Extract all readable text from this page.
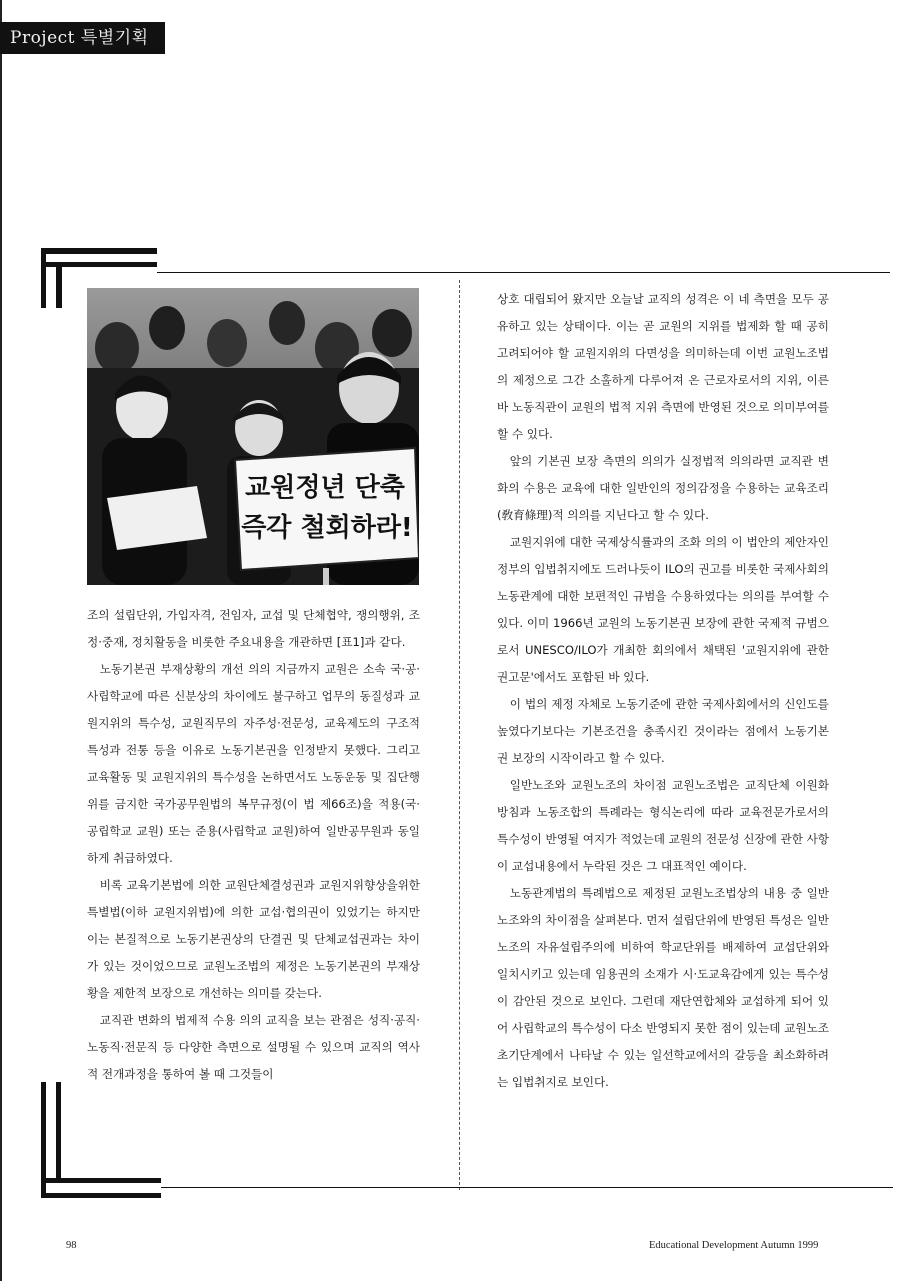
Project 특별기획
교원정년 단축
즉각 철회하라!

조의 설립단위, 가입자격, 전임자, 교섭 및 단체협약, 쟁의행위, 조정·중재, 정치활동을 비롯한 주요내용을 개관하면 [표1]과 같다.

노동기본권 부재상황의 개선 의의 지금까지 교원은 소속 국·공·사립학교에 따른 신분상의 차이에도 불구하고 업무의 동질성과 교원지위의 특수성, 교원직무의 자주성·전문성, 교육제도의 구조적 특성과 전통 등을 이유로 노동기본권을 인정받지 못했다. 그리고 교육활동 및 교원지위의 특수성을 논하면서도 노동운동 및 집단행위를 금지한 국가공무원법의 복무규정(이 법 제66조)을 적용(국·공립학교 교원) 또는 준용(사립학교 교원)하여 일반공무원과 동일하게 취급하였다.

비록 교육기본법에 의한 교원단체결성권과 교원지위향상을위한특별법(이하 교원지위법)에 의한 교섭·협의권이 있었기는 하지만 이는 본질적으로 노동기본권상의 단결권 및 단체교섭권과는 차이가 있는 것이었으므로 교원노조법의 제정은 노동기본권의 부재상황을 제한적 보장으로 개선하는 의미를 갖는다.

교직관 변화의 법제적 수용 의의 교직을 보는 관점은 성직·공직·노동직·전문직 등 다양한 측면으로 설명될 수 있으며 교직의 역사적 전개과정을 통하여 볼 때 그것들이

상호 대립되어 왔지만 오늘날 교직의 성격은 이 네 측면을 모두 공유하고 있는 상태이다. 이는 곧 교원의 지위를 법제화 할 때 공히 고려되어야 할 교원지위의 다면성을 의미하는데 이번 교원노조법의 제정으로 그간 소홀하게 다루어져 온 근로자로서의 지위, 이른바 노동직관이 교원의 법적 지위 측면에 반영된 것으로 의미부여를 할 수 있다.

앞의 기본권 보장 측면의 의의가 실정법적 의의라면 교직관 변화의 수용은 교육에 대한 일반인의 정의감정을 수용하는 교육조리(敎育條理)적 의의를 지닌다고 할 수 있다.

교원지위에 대한 국제상식률과의 조화 의의 이 법안의 제안자인 정부의 입법취지에도 드러나듯이 ILO의 권고를 비롯한 국제사회의 노동관계에 대한 보편적인 규범을 수용하였다는 의의를 부여할 수 있다. 이미 1966년 교원의 노동기본권 보장에 관한 국제적 규범으로서 UNESCO/ILO가 개최한 회의에서 채택된 '교원지위에 관한 권고문'에서도 포함된 바 있다.

이 법의 제정 자체로 노동기준에 관한 국제사회에서의 신인도를 높였다기보다는 기본조건을 충족시킨 것이라는 점에서 노동기본권 보장의 시작이라고 할 수 있다.

일반노조와 교원노조의 차이점 교원노조법은 교직단체 이원화 방침과 노동조합의 특례라는 형식논리에 따라 교육전문가로서의 특수성이 반영될 여지가 적었는데 교원의 전문성 신장에 관한 사항이 교섭내용에서 누락된 것은 그 대표적인 예이다.

노동관계법의 특례법으로 제정된 교원노조법상의 내용 중 일반노조와의 차이점을 살펴본다. 먼저 설립단위에 반영된 특성은 일반노조의 자유설립주의에 비하여 학교단위를 배제하여 교섭단위와 일치시키고 있는데 임용권의 소재가 시·도교육감에게 있는 특수성이 감안된 것으로 보인다. 그런데 재단연합체와 교섭하게 되어 있어 사립학교의 특수성이 다소 반영되지 못한 점이 있는데 교원노조 초기단계에서 나타날 수 있는 일선학교에서의 갈등을 최소화하려는 입법취지로 보인다.

98	Educational Development Autumn 1999
